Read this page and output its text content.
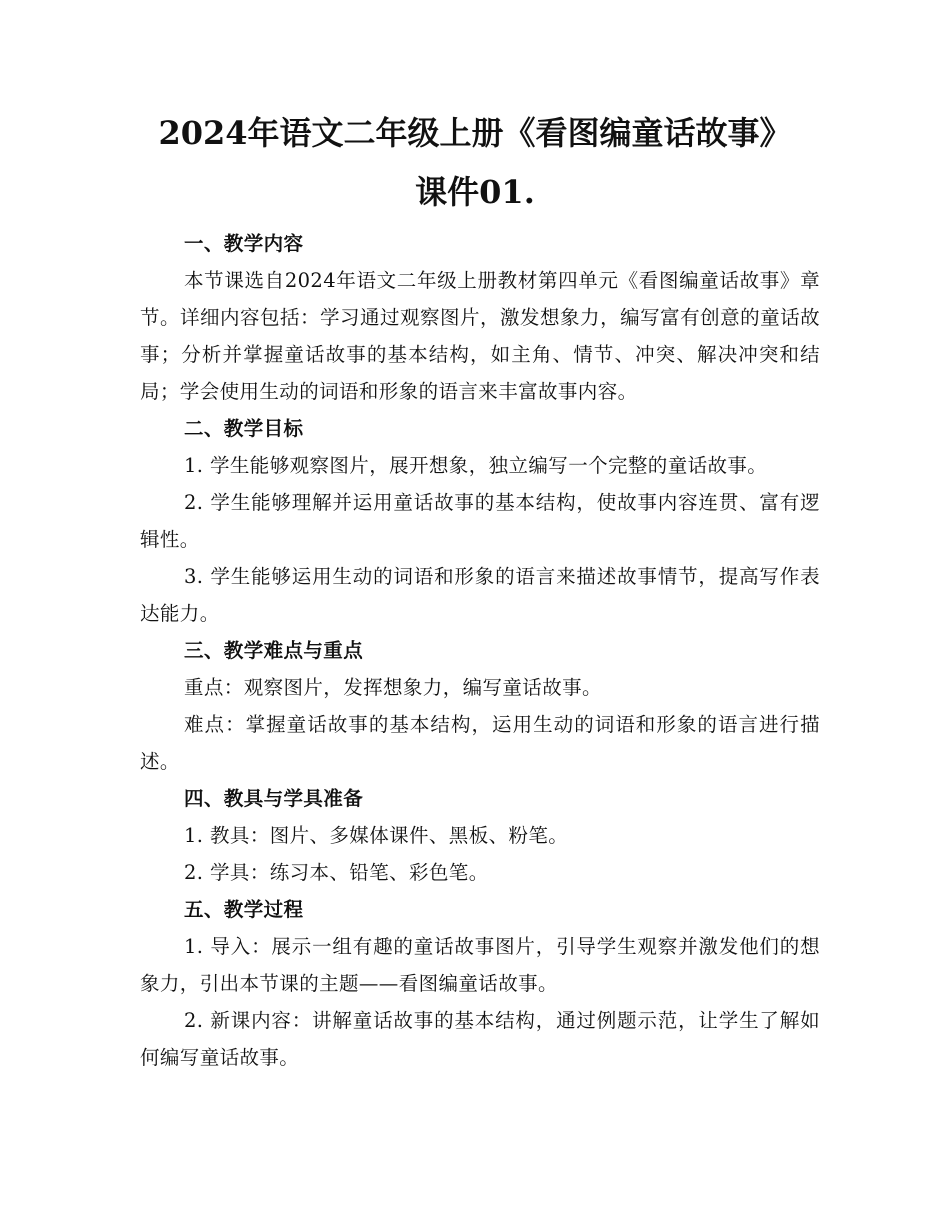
2024年语文二年级上册《看图编童话故事》
课件01.

一、教学内容

本节课选自2024年语文二年级上册教材第四单元《看图编童话故事》章节。详细内容包括：学习通过观察图片，激发想象力，编写富有创意的童话故事；分析并掌握童话故事的基本结构，如主角、情节、冲突、解决冲突和结局；学会使用生动的词语和形象的语言来丰富故事内容。

二、教学目标

1. 学生能够观察图片，展开想象，独立编写一个完整的童话故事。

2. 学生能够理解并运用童话故事的基本结构，使故事内容连贯、富有逻辑性。

3. 学生能够运用生动的词语和形象的语言来描述故事情节，提高写作表达能力。

三、教学难点与重点

重点：观察图片，发挥想象力，编写童话故事。

难点：掌握童话故事的基本结构，运用生动的词语和形象的语言进行描述。

四、教具与学具准备

1. 教具：图片、多媒体课件、黑板、粉笔。

2. 学具：练习本、铅笔、彩色笔。

五、教学过程

1. 导入：展示一组有趣的童话故事图片，引导学生观察并激发他们的想象力，引出本节课的主题——看图编童话故事。

2. 新课内容：讲解童话故事的基本结构，通过例题示范，让学生了解如何编写童话故事。
